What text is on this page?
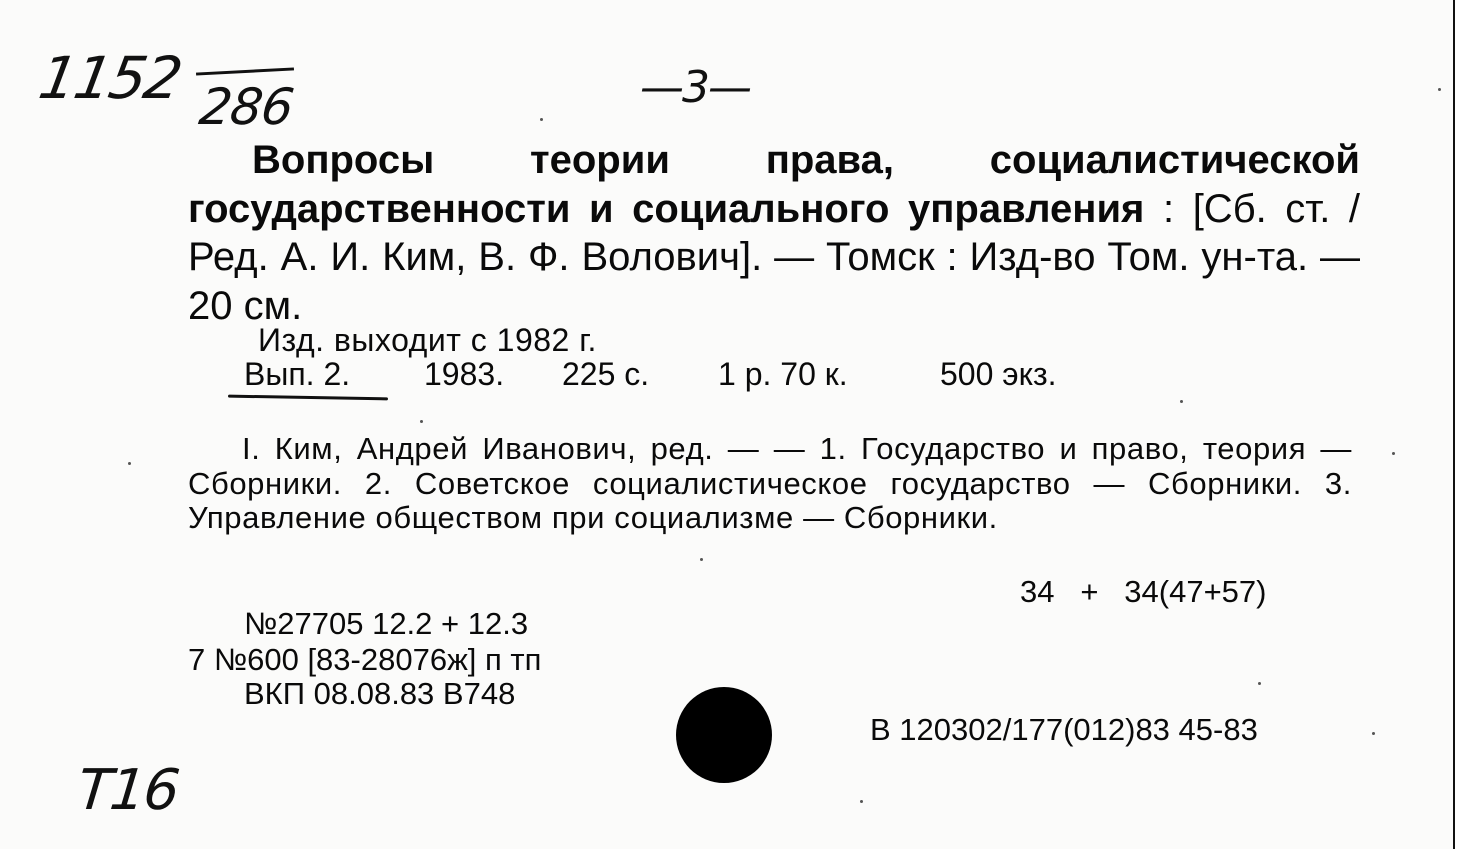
1152 286	—3—
Вопросы теории права, социалистической государственности и социального управления : [Сб. ст. / Ред. А. И. Ким, В. Ф. Волович]. — Томск : Изд-во Том. ун-та. — 20 см.
Изд. выходит с 1982 г.
Вып. 2. 1983. 225 с. 1 р. 70 к.	500 экз.
I. Ким, Андрей Иванович, ред. — — 1. Государство и право, теория — Сборники. 2. Советское социалистическое государство — Сборники. 3. Управление обществом при социализме — Сборники.
34 + 34(47+57)
№27705 12.2 + 12.3
7 №600 [83-28076ж] п тп
ВКП 08.08.83 В748
В 120302/177(012)83 45-83
T16
